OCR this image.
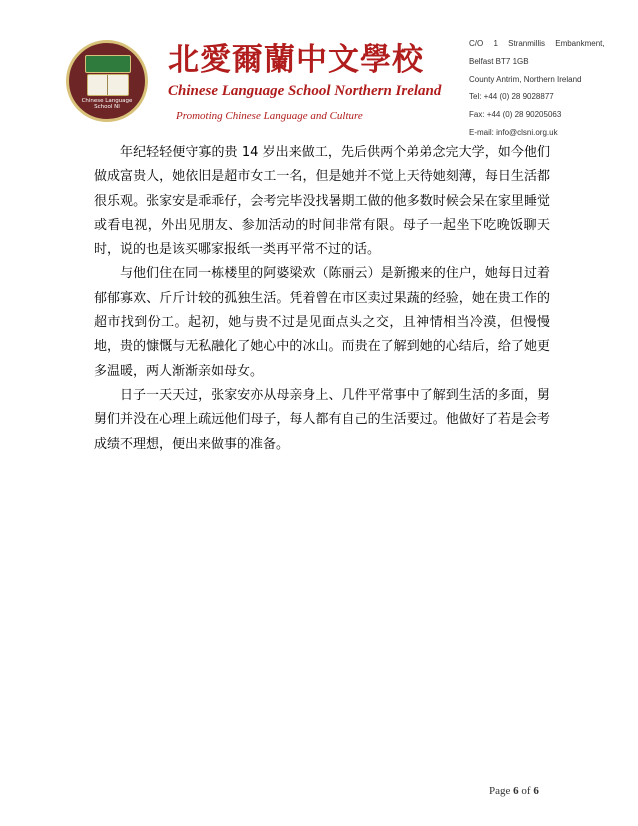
Chinese Language
School NI
北愛爾蘭中文學校
Chinese Language School Northern Ireland
Promoting Chinese Language and Culture
C/O 1 Stranmillis Embankment,
Belfast BT7 1GB
County Antrim, Northern Ireland
Tel: +44 (0) 28 9028877
Fax: +44 (0) 28 90205063
E-mail: info@clsni.org.uk

年纪轻轻便守寡的贵 14 岁出来做工，先后供两个弟弟念完大学，如今他们做成富贵人，她依旧是超市女工一名，但是她并不觉上天待她刻薄，每日生活都很乐观。张家安是乖乖仔，会考完毕没找暑期工做的他多数时候会呆在家里睡觉或看电视，外出见朋友、参加活动的时间非常有限。母子一起坐下吃晚饭聊天时，说的也是该买哪家报纸一类再平常不过的话。

与他们住在同一栋楼里的阿婆梁欢（陈丽云）是新搬来的住户，她每日过着郁郁寡欢、斤斤计较的孤独生活。凭着曾在市区卖过果蔬的经验，她在贵工作的超市找到份工。起初，她与贵不过是见面点头之交，且神情相当冷漠，但慢慢地，贵的慷慨与无私融化了她心中的冰山。而贵在了解到她的心结后，给了她更多温暖，两人渐渐亲如母女。

日子一天天过，张家安亦从母亲身上、几件平常事中了解到生活的多面，舅舅们并没在心理上疏远他们母子，每人都有自己的生活要过。他做好了若是会考成绩不理想，便出来做事的准备。

Page 6 of 6
